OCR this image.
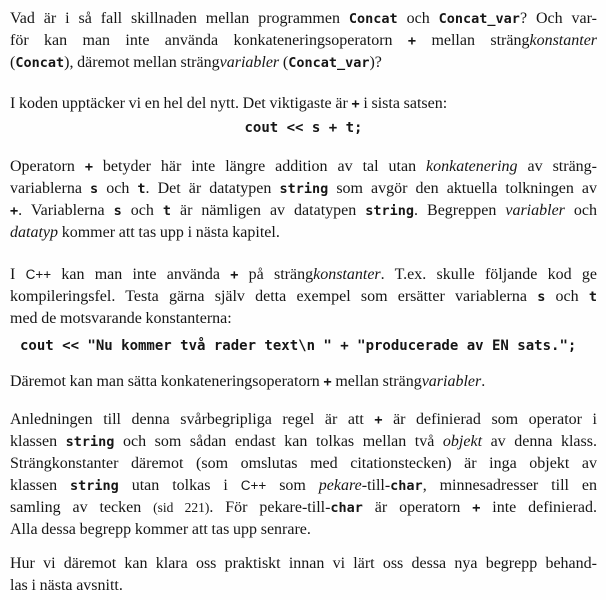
Vad är i så fall skillnaden mellan programmen Concat och Concat_var? Och var-
för kan man inte använda konkateneringsoperatorn + mellan strängkonstanter
(Concat), däremot mellan strängvariabler (Concat_var)?
I koden upptäcker vi en hel del nytt. Det viktigaste är + i sista satsen:
cout << s + t;
Operatorn + betyder här inte längre addition av tal utan konkatenering av sträng-
variablerna s och t. Det är datatypen string som avgör den aktuella tolkningen av
+. Variablerna s och t är nämligen av datatypen string. Begreppen variabler och
datatyp kommer att tas upp i nästa kapitel.
I C++ kan man inte använda + på strängkonstanter. T.ex. skulle följande kod ge
kompileringsfel. Testa gärna själv detta exempel som ersätter variablerna s och t
med de motsvarande konstanterna:
cout << "Nu kommer två rader text\n " + "producerade av EN sats.";
Däremot kan man sätta konkateneringsoperatorn + mellan strängvariabler.
Anledningen till denna svårbegripliga regel är att + är definierad som operator i
klassen string och som sådan endast kan tolkas mellan två objekt av denna klass.
Strängkonstanter däremot (som omslutas med citationstecken) är inga objekt av
klassen string utan tolkas i C++ som pekare-till-char, minnesadresser till en
samling av tecken (sid 221). För pekare-till-char är operatorn + inte definierad.
Alla dessa begrepp kommer att tas upp senrare.
Hur vi däremot kan klara oss praktiskt innan vi lärt oss dessa nya begrepp behand-
las i nästa avsnitt.
